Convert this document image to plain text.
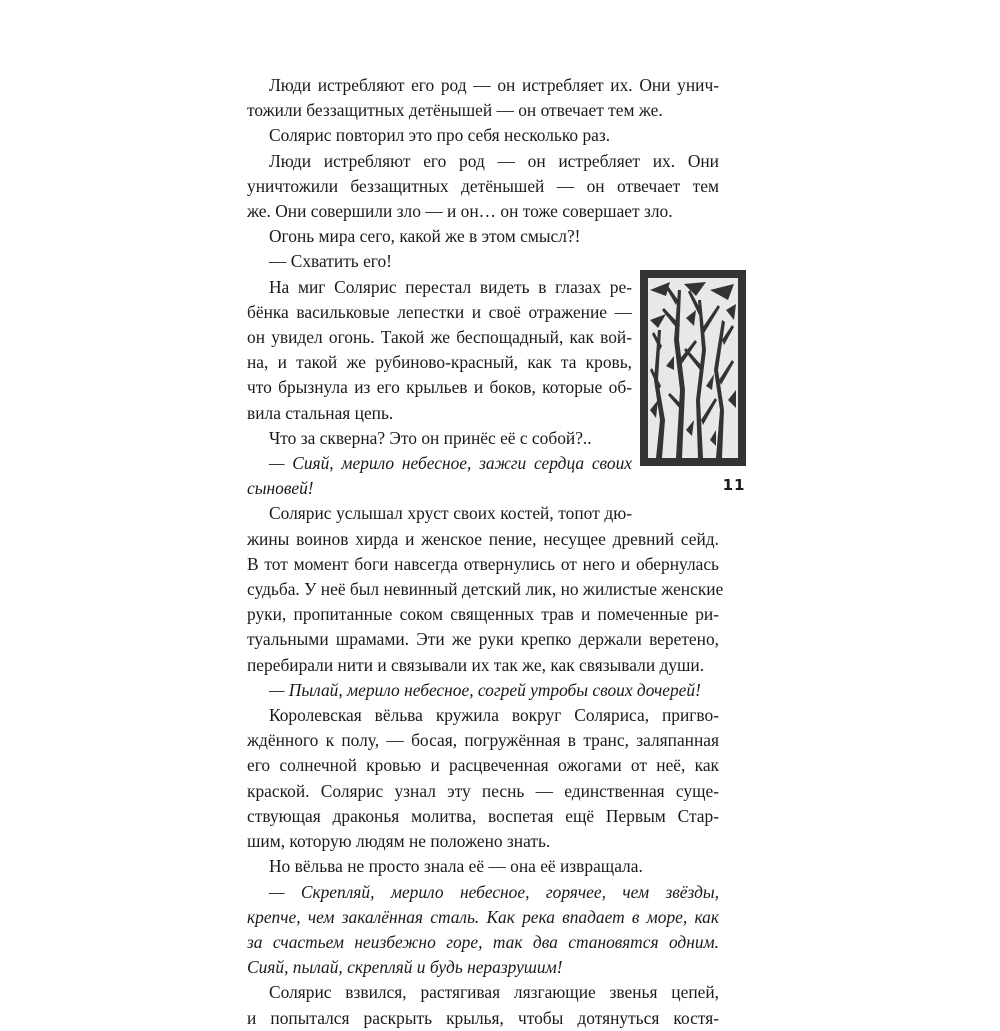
Люди истребляют его род — он истребляет их. Они унич-
тожили беззащитных детёнышей — он отвечает тем же.

Солярис повторил это про себя несколько раз.

Люди истребляют его род — он истребляет их. Они
уничтожили беззащитных детёнышей — он отвечает тем
же. Они совершили зло — и он… он тоже совершает зло.

Огонь мира сего, какой же в этом смысл?!

— Схватить его!

На миг Солярис перестал видеть в глазах ре-
бёнка васильковые лепестки и своё отражение —
он увидел огонь. Такой же беспощадный, как вой-
на, и такой же рубиново-красный, как та кровь,
что брызнула из его крыльев и боков, которые об-
вила стальная цепь.

Что за скверна? Это он принёс её с собой?..

— Сияй, мерило небесное, зажги сердца своих
сыновей!

Солярис услышал хруст своих костей, топот дю-
жины воинов хирда и женское пение, несущее древний сейд.
В тот момент боги навсегда отвернулись от него и обернулась
судьба. У неё был невинный детский лик, но жилистые женские
руки, пропитанные соком священных трав и помеченные ри-
туальными шрамами. Эти же руки крепко держали веретено,
перебирали нити и связывали их так же, как связывали души.

— Пылай, мерило небесное, согрей утробы своих дочерей!

Королевская вёльва кружила вокруг Соляриса, пригво-
ждённого к полу, — босая, погружённая в транс, заляпанная
его солнечной кровью и расцвеченная ожогами от неё, как
краской. Солярис узнал эту песнь — единственная суще-
ствующая драконья молитва, воспетая ещё Первым Стар-
шим, которую людям не положено знать.

Но вёльва не просто знала её — она её извращала.

— Скрепляй, мерило небесное, горячее, чем звёзды,
крепче, чем закалённая сталь. Как река впадает в море, как
за счастьем неизбежно горе, так два становятся одним.
Сияй, пылай, скрепляй и будь неразрушим!

Солярис взвился, растягивая лязгающие звенья цепей,
и попытался раскрыть крылья, чтобы дотянуться костя-

11
